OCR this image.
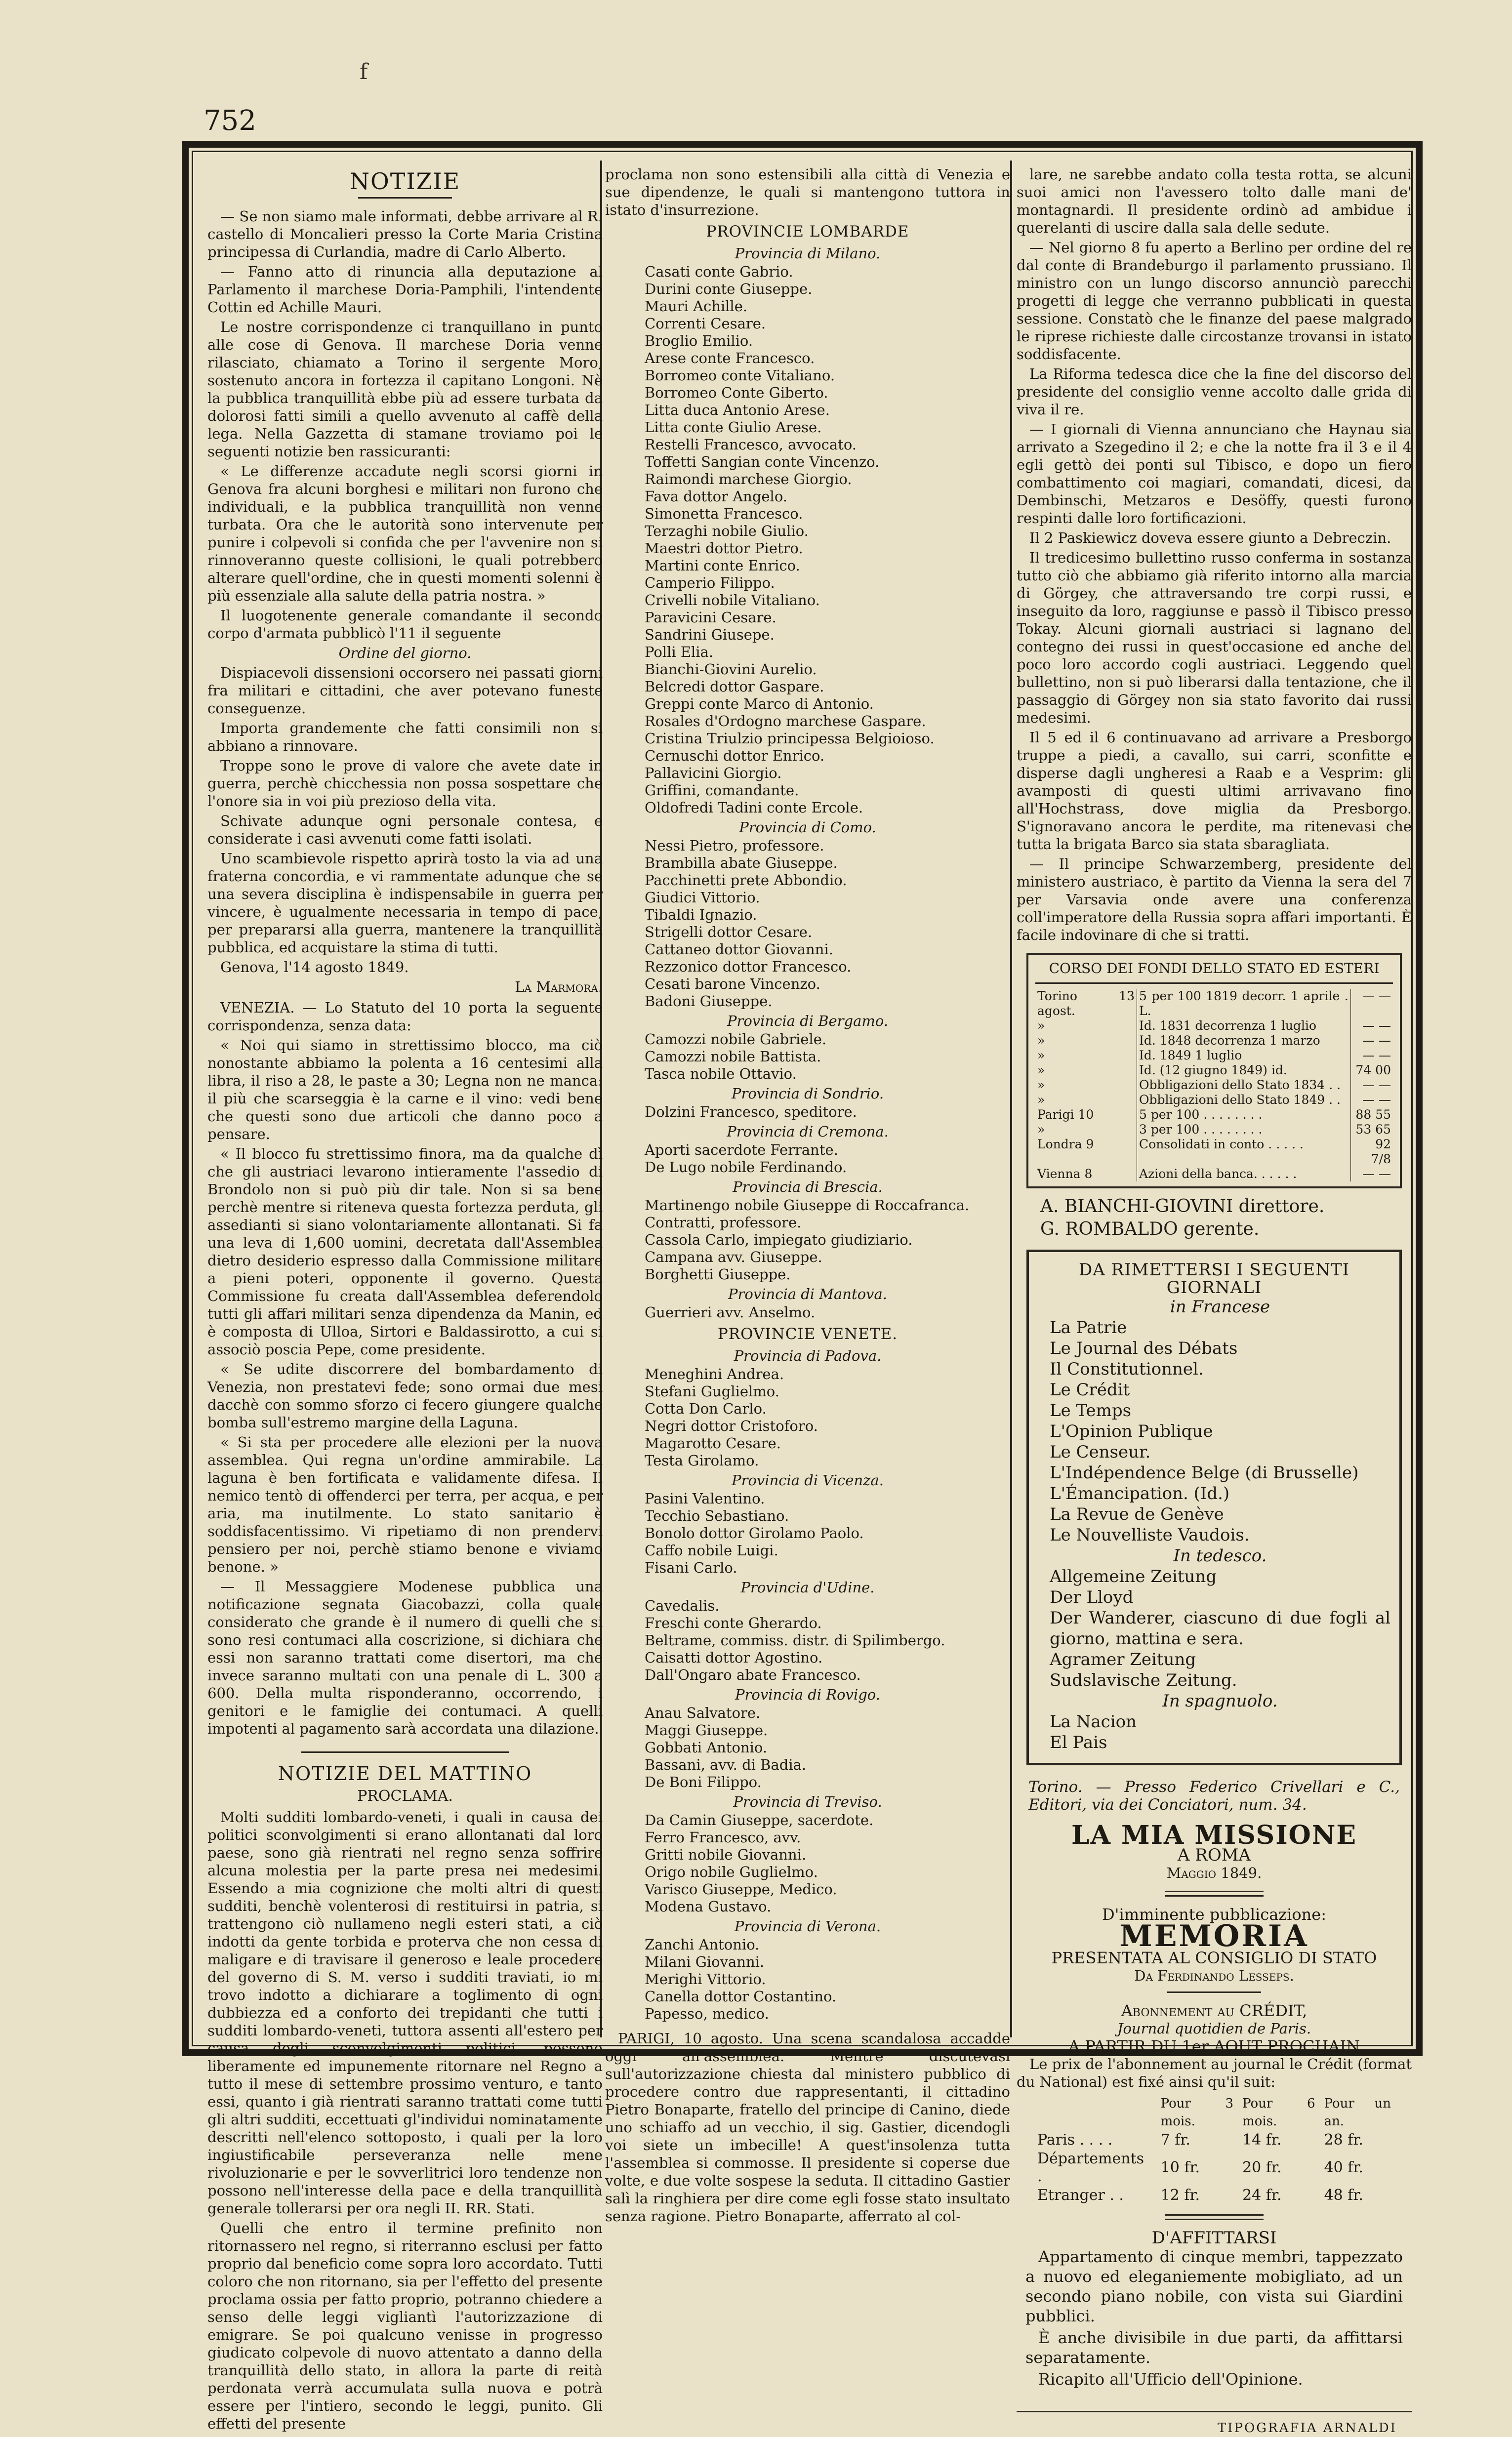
f
752
NOTIZIE

— Se non siamo male informati, debbe arrivare al R. castello di Moncalieri presso la Corte Maria Cristina principessa di Curlandia, madre di Carlo Alberto.

— Fanno atto di rinuncia alla deputazione al Parlamento il marchese Doria-Pamphili, l'intendente Cottin ed Achille Mauri.

Le nostre corrispondenze ci tranquillano in punto alle cose di Genova. Il marchese Doria venne rilasciato, chiamato a Torino il sergente Moro, sostenuto ancora in fortezza il capitano Longoni. Nè la pubblica tranquillità ebbe più ad essere turbata da dolorosi fatti simili a quello avvenuto al caffè della lega. Nella Gazzetta di stamane troviamo poi le seguenti notizie ben rassicuranti:

« Le differenze accadute negli scorsi giorni in Genova fra alcuni borghesi e militari non furono che individuali, e la pubblica tranquillità non venne turbata. Ora che le autorità sono intervenute per punire i colpevoli si confida che per l'avvenire non si rinnoveranno queste collisioni, le quali potrebbero alterare quell'ordine, che in questi momenti solenni è più essenziale alla salute della patria nostra. »

Il luogotenente generale comandante il secondo corpo d'armata pubblicò l'11 il seguente

Ordine del giorno.

Dispiacevoli dissensioni occorsero nei passati giorni fra militari e cittadini, che aver potevano funeste conseguenze.

Importa grandemente che fatti consimili non si abbiano a rinnovare.

Troppe sono le prove di valore che avete date in guerra, perchè chicchessia non possa sospettare che l'onore sia in voi più prezioso della vita.

Schivate adunque ogni personale contesa, e considerate i casi avvenuti come fatti isolati.

Uno scambievole rispetto aprirà tosto la via ad una fraterna concordia, e vi rammentate adunque che se una severa disciplina è indispensabile in guerra per vincere, è ugualmente necessaria in tempo di pace, per prepararsi alla guerra, mantenere la tranquillità pubblica, ed acquistare la stima di tutti.

Genova, l'14 agosto 1849.

La Marmora.

VENEZIA. — Lo Statuto del 10 porta la seguente corrispondenza, senza data:

« Noi qui siamo in strettissimo blocco, ma ciò nonostante abbiamo la polenta a 16 centesimi alla libra, il riso a 28, le paste a 30; Legna non ne manca: il più che scarseggia è la carne e il vino: vedi bene che questi sono due articoli che danno poco a pensare.

« Il blocco fu strettissimo finora, ma da qualche dì che gli austriaci levarono intieramente l'assedio di Brondolo non si può più dir tale. Non si sa bene perchè mentre si riteneva questa fortezza perduta, gli assedianti si siano volontariamente allontanati. Si fa una leva di 1,600 uomini, decretata dall'Assemblea dietro desiderio espresso dalla Commissione militare a pieni poteri, opponente il governo. Questa Commissione fu creata dall'Assemblea deferendolo tutti gli affari militari senza dipendenza da Manin, ed è composta di Ulloa, Sirtori e Baldassirotto, a cui si associò poscia Pepe, come presidente.

« Se udite discorrere del bombardamento di Venezia, non prestatevi fede; sono ormai due mesi dacchè con sommo sforzo ci fecero giungere qualche bomba sull'estremo margine della Laguna.

« Si sta per procedere alle elezioni per la nuova assemblea. Qui regna un'ordine ammirabile. La laguna è ben fortificata e validamente difesa. Il nemico tentò di offenderci per terra, per acqua, e per aria, ma inutilmente. Lo stato sanitario è soddisfacentissimo. Vi ripetiamo di non prendervi pensiero per noi, perchè stiamo benone e viviamo benone. »

— Il Messaggiere Modenese pubblica una notificazione segnata Giacobazzi, colla quale considerato che grande è il numero di quelli che si sono resi contumaci alla coscrizione, si dichiara che essi non saranno trattati come disertori, ma che invece saranno multati con una penale di L. 300 a 600. Della multa risponderanno, occorrendo, i genitori e le famiglie dei contumaci. A quelli impotenti al pagamento sarà accordata una dilazione.

NOTIZIE DEL MATTINO
PROCLAMA.

Molti sudditi lombardo-veneti, i quali in causa dei politici sconvolgimenti si erano allontanati dal loro paese, sono già rientrati nel regno senza soffrire alcuna molestia per la parte presa nei medesimi. Essendo a mia cognizione che molti altri di questi sudditi, benchè volenterosi di restituirsi in patria, si trattengono ciò nullameno negli esteri stati, a ciò indotti da gente torbida e proterva che non cessa di maligare e di travisare il generoso e leale procedere del governo di S. M. verso i sudditi traviati, io mi trovo indotto a dichiarare a toglimento di ogni dubbiezza ed a conforto dei trepidanti che tutti i sudditi lombardo-veneti, tuttora assenti all'estero per causa degli sconvolgimenti politici, possono liberamente ed impunemente ritornare nel Regno a tutto il mese di settembre prossimo venturo, e tanto essi, quanto i già rientrati saranno trattati come tutti gli altri sudditi, eccettuati gl'individui nominatamente descritti nell'elenco sottoposto, i quali per la loro ingiustificabile perseveranza nelle mene rivoluzionarie e per le sovverlitrici loro tendenze non possono nell'interesse della pace e della tranquillità generale tollerarsi per ora negli II. RR. Stati.

Quelli che entro il termine prefinito non ritornassero nel regno, si riterranno esclusi per fatto proprio dal beneficio come sopra loro accordato. Tutti coloro che non ritornano, sia per l'effetto del presente proclama ossia per fatto proprio, potranno chiedere a senso delle leggi vigliantì l'autorizzazione di emigrare. Se poi qualcuno venisse in progresso giudicato colpevole di nuovo attentato a danno della tranquillità dello stato, in allora la parte di reità perdonata verrà accumulata sulla nuova e potrà essere per l'intiero, secondo le leggi, punito. Gli effetti del presente

proclama non sono estensibili alla città di Venezia e sue dipendenze, le quali si mantengono tuttora in istato d'insurrezione.

PROVINCIE LOMBARDE
Provincia di Milano.
Casati conte Gabrio.
Durini conte Giuseppe.
Mauri Achille.
Correnti Cesare.
Broglio Emilio.
Arese conte Francesco.
Borromeo conte Vitaliano.
Borromeo Conte Giberto.
Litta duca Antonio Arese.
Litta conte Giulio Arese.
Restelli Francesco, avvocato.
Toffetti Sangian conte Vincenzo.
Raimondi marchese Giorgio.
Fava dottor Angelo.
Simonetta Francesco.
Terzaghi nobile Giulio.
Maestri dottor Pietro.
Martini conte Enrico.
Camperio Filippo.
Crivelli nobile Vitaliano.
Paravicini Cesare.
Sandrini Giusepe.
Polli Elia.
Bianchi-Giovini Aurelio.
Belcredi dottor Gaspare.
Greppi conte Marco di Antonio.
Rosales d'Ordogno marchese Gaspare.
Cristina Triulzio principessa Belgioioso.
Cernuschi dottor Enrico.
Pallavicini Giorgio.
Griffini, comandante.
Oldofredi Tadini conte Ercole.
Provincia di Como.
Nessi Pietro, professore.
Brambilla abate Giuseppe.
Pacchinetti prete Abbondio.
Giudici Vittorio.
Tibaldi Ignazio.
Strigelli dottor Cesare.
Cattaneo dottor Giovanni.
Rezzonico dottor Francesco.
Cesati barone Vincenzo.
Badoni Giuseppe.
Provincia di Bergamo.
Camozzi nobile Gabriele.
Camozzi nobile Battista.
Tasca nobile Ottavio.
Provincia di Sondrio.
Dolzini Francesco, speditore.
Provincia di Cremona.
Aporti sacerdote Ferrante.
De Lugo nobile Ferdinando.
Provincia di Brescia.
Martinengo nobile Giuseppe di Roccafranca.
Contratti, professore.
Cassola Carlo, impiegato giudiziario.
Campana avv. Giuseppe.
Borghetti Giuseppe.
Provincia di Mantova.
Guerrieri avv. Anselmo.
PROVINCIE VENETE.
Provincia di Padova.
Meneghini Andrea.
Stefani Guglielmo.
Cotta Don Carlo.
Negri dottor Cristoforo.
Magarotto Cesare.
Testa Girolamo.
Provincia di Vicenza.
Pasini Valentino.
Tecchio Sebastiano.
Bonolo dottor Girolamo Paolo.
Caffo nobile Luigi.
Fisani Carlo.
Provincia d'Udine.
Cavedalis.
Freschi conte Gherardo.
Beltrame, commiss. distr. di Spilimbergo.
Caisatti dottor Agostino.
Dall'Ongaro abate Francesco.
Provincia di Rovigo.
Anau Salvatore.
Maggi Giuseppe.
Gobbati Antonio.
Bassani, avv. di Badia.
De Boni Filippo.
Provincia di Treviso.
Da Camin Giuseppe, sacerdote.
Ferro Francesco, avv.
Gritti nobile Giovanni.
Origo nobile Guglielmo.
Varisco Giuseppe, Medico.
Modena Gustavo.
Provincia di Verona.
Zanchi Antonio.
Milani Giovanni.
Merighi Vittorio.
Canella dottor Costantino.
Papesso, medico.

PARIGI, 10 agosto. Una scena scandalosa accadde oggi all'assemblea. Mentre discutevasi sull'autorizzazione chiesta dal ministero pubblico di procedere contro due rappresentanti, il cittadino Pietro Bonaparte, fratello del principe di Canino, diede uno schiaffo ad un vecchio, il sig. Gastier, dicendogli voi siete un imbecille! A quest'insolenza tutta l'assemblea si commosse. Il presidente si coperse due volte, e due volte sospese la seduta. Il cittadino Gastier salì la ringhiera per dire come egli fosse stato insultato senza ragione. Pietro Bonaparte, afferrato al col-

lare, ne sarebbe andato colla testa rotta, se alcuni suoi amici non l'avessero tolto dalle mani de' montagnardi. Il presidente ordinò ad ambidue i querelanti di uscire dalla sala delle sedute.

— Nel giorno 8 fu aperto a Berlino per ordine del re dal conte di Brandeburgo il parlamento prussiano. Il ministro con un lungo discorso annunciò parecchi progetti di legge che verranno pubblicati in questa sessione. Constatò che le finanze del paese malgrado le riprese richieste dalle circostanze trovansi in istato soddisfacente.

La Riforma tedesca dice che la fine del discorso del presidente del consiglio venne accolto dalle grida di viva il re.

— I giornali di Vienna annunciano che Haynau sia arrivato a Szegedino il 2; e che la notte fra il 3 e il 4 egli gettò dei ponti sul Tibisco, e dopo un fiero combattimento coi magiari, comandati, dicesi, da Dembinschi, Metzaros e Desöffy, questi furono respinti dalle loro fortificazioni.

Il 2 Paskiewicz doveva essere giunto a Debreczin.

Il tredicesimo bullettino russo conferma in sostanza tutto ciò che abbiamo già riferito intorno alla marcia di Görgey, che attraversando tre corpi russi, e inseguito da loro, raggiunse e passò il Tibisco presso Tokay. Alcuni giornali austriaci si lagnano del contegno dei russi in quest'occasione ed anche del poco loro accordo cogli austriaci. Leggendo quel bullettino, non si può liberarsi dalla tentazione, che il passaggio di Görgey non sia stato favorito dai russi medesimi.

Il 5 ed il 6 continuavano ad arrivare a Presborgo truppe a piedi, a cavallo, sui carri, sconfitte e disperse dagli ungheresi a Raab e a Vesprim: gli avamposti di questi ultimi arrivavano fino all'Hochstrass, dove miglia da Presborgo. S'ignoravano ancora le perdite, ma ritenevasi che tutta la brigata Barco sia stata sbaragliata.

— Il principe Schwarzemberg, presidente del ministero austriaco, è partito da Vienna la sera del 7 per Varsavia onde avere una conferenza coll'imperatore della Russia sopra affari importanti. È facile indovinare di che si tratti.

CORSO DEI FONDI DELLO STATO ED ESTERI
Torino 13 agost.	5 per 100 1819 decorr. 1 aprile . L.	— —
»	Id. 1831 decorrenza 1 luglio	— —
»	Id. 1848 decorrenza 1 marzo	— —
»	Id. 1849 1 luglio	— —
»	Id. (12 giugno 1849) id.	74 00
»	Obbligazioni dello Stato 1834 . .	— —
»	Obbligazioni dello Stato 1849 . .	— —
Parigi 10	5 per 100 . . . . . . . .	88 55
»	3 per 100 . . . . . . . .	53 65
Londra 9	Consolidati in conto . . . . .	92 7/8
Vienna 8	Azioni della banca. . . . . .	— —
A. BIANCHI-GIOVINI direttore.
G. ROMBALDO gerente.
DA RIMETTERSI I SEGUENTI GIORNALI
in Francese
La Patrie
Le Journal des Débats
Il Constitutionnel.
Le Crédit
Le Temps
L'Opinion Publique
Le Censeur.
L'Indépendence Belge (di Brusselle)
L'Émancipation. (Id.)
La Revue de Genève
Le Nouvelliste Vaudois.
In tedesco.
Allgemeine Zeitung
Der Lloyd
Der Wanderer, ciascuno di due fogli al giorno, mattina e sera.
Agramer Zeitung
Sudslavische Zeitung.
In spagnuolo.
La Nacion
El Pais

Torino. — Presso Federico Crivellari e C., Editori, via dei Conciatori, num. 34.

LA MIA MISSIONE
A ROMA
Maggio 1849.
D'imminente pubblicazione:
MEMORIA
PRESENTATA AL CONSIGLIO DI STATO
Da Ferdinando Lesseps.
Abonnement au CRÉDIT,
Journal quotidien de Paris.
A PARTIR DU 1er AOUT PROCHAIN

Le prix de l'abonnement au journal le Crédit (format du National) est fixé ainsi qu'il suit:

	Pour 3 mois.	Pour 6 mois.	Pour un an.
Paris . . . .	7 fr.	14 fr.	28 fr.
Départements .	10 fr.	20 fr.	40 fr.
Etranger . .	12 fr.	24 fr.	48 fr.
D'AFFITTARSI

Appartamento di cinque membri, tappezzato a nuovo ed eleganiemente mobigliato, ad un secondo piano nobile, con vista sui Giardini pubblici.

È anche divisibile in due parti, da affittarsi separatamente.

Ricapito all'Ufficio dell'Opinione.

TIPOGRAFIA ARNALDI
